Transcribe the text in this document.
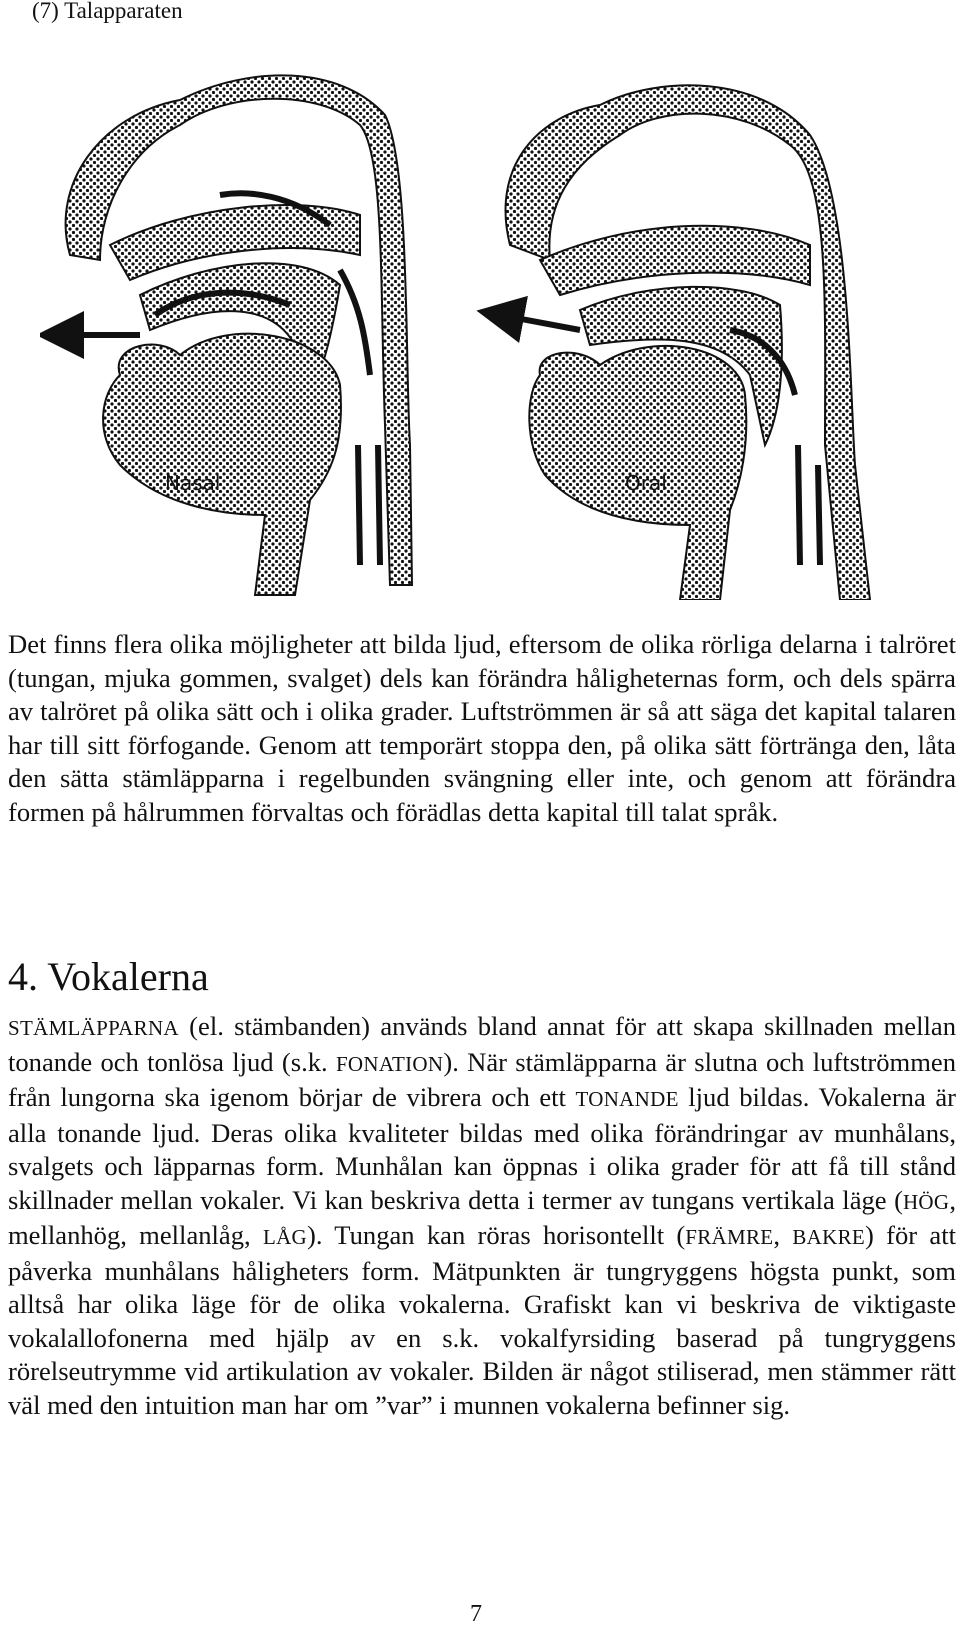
(7) Talapparaten
Nasal	Oral

Det finns flera olika möjligheter att bilda ljud, eftersom de olika rörliga delarna i talröret (tungan, mjuka gommen, svalget) dels kan förändra håligheternas form, och dels spärra av talröret på olika sätt och i olika grader. Luftströmmen är så att säga det kapital talaren har till sitt förfogande. Genom att temporärt stoppa den, på olika sätt förtränga den, låta den sätta stämläpparna i regelbunden svängning eller inte, och genom att förändra formen på hålrummen förvaltas och förädlas detta kapital till talat språk.

4. Vokalerna

STÄMLÄPPARNA (el. stämbanden) används bland annat för att skapa skillnaden mellan tonande och tonlösa ljud (s.k. FONATION). När stämläpparna är slutna och luftströmmen från lungorna ska igenom börjar de vibrera och ett TONANDE ljud bildas. Vokalerna är alla tonande ljud. Deras olika kvaliteter bildas med olika förändringar av munhålans, svalgets och läpparnas form. Munhålan kan öppnas i olika grader för att få till stånd skillnader mellan vokaler. Vi kan beskriva detta i termer av tungans vertikala läge (HÖG, mellanhög, mellanlåg, LÅG). Tungan kan röras horisontellt (FRÄMRE, BAKRE) för att påverka munhålans håligheters form. Mätpunkten är tungryggens högsta punkt, som alltså har olika läge för de olika vokalerna. Grafiskt kan vi beskriva de viktigaste vokalallofonerna med hjälp av en s.k. vokalfyrsiding baserad på tungryggens rörelseutrymme vid artikulation av vokaler. Bilden är något stiliserad, men stämmer rätt väl med den intuition man har om ”var” i munnen vokalerna befinner sig.

7
